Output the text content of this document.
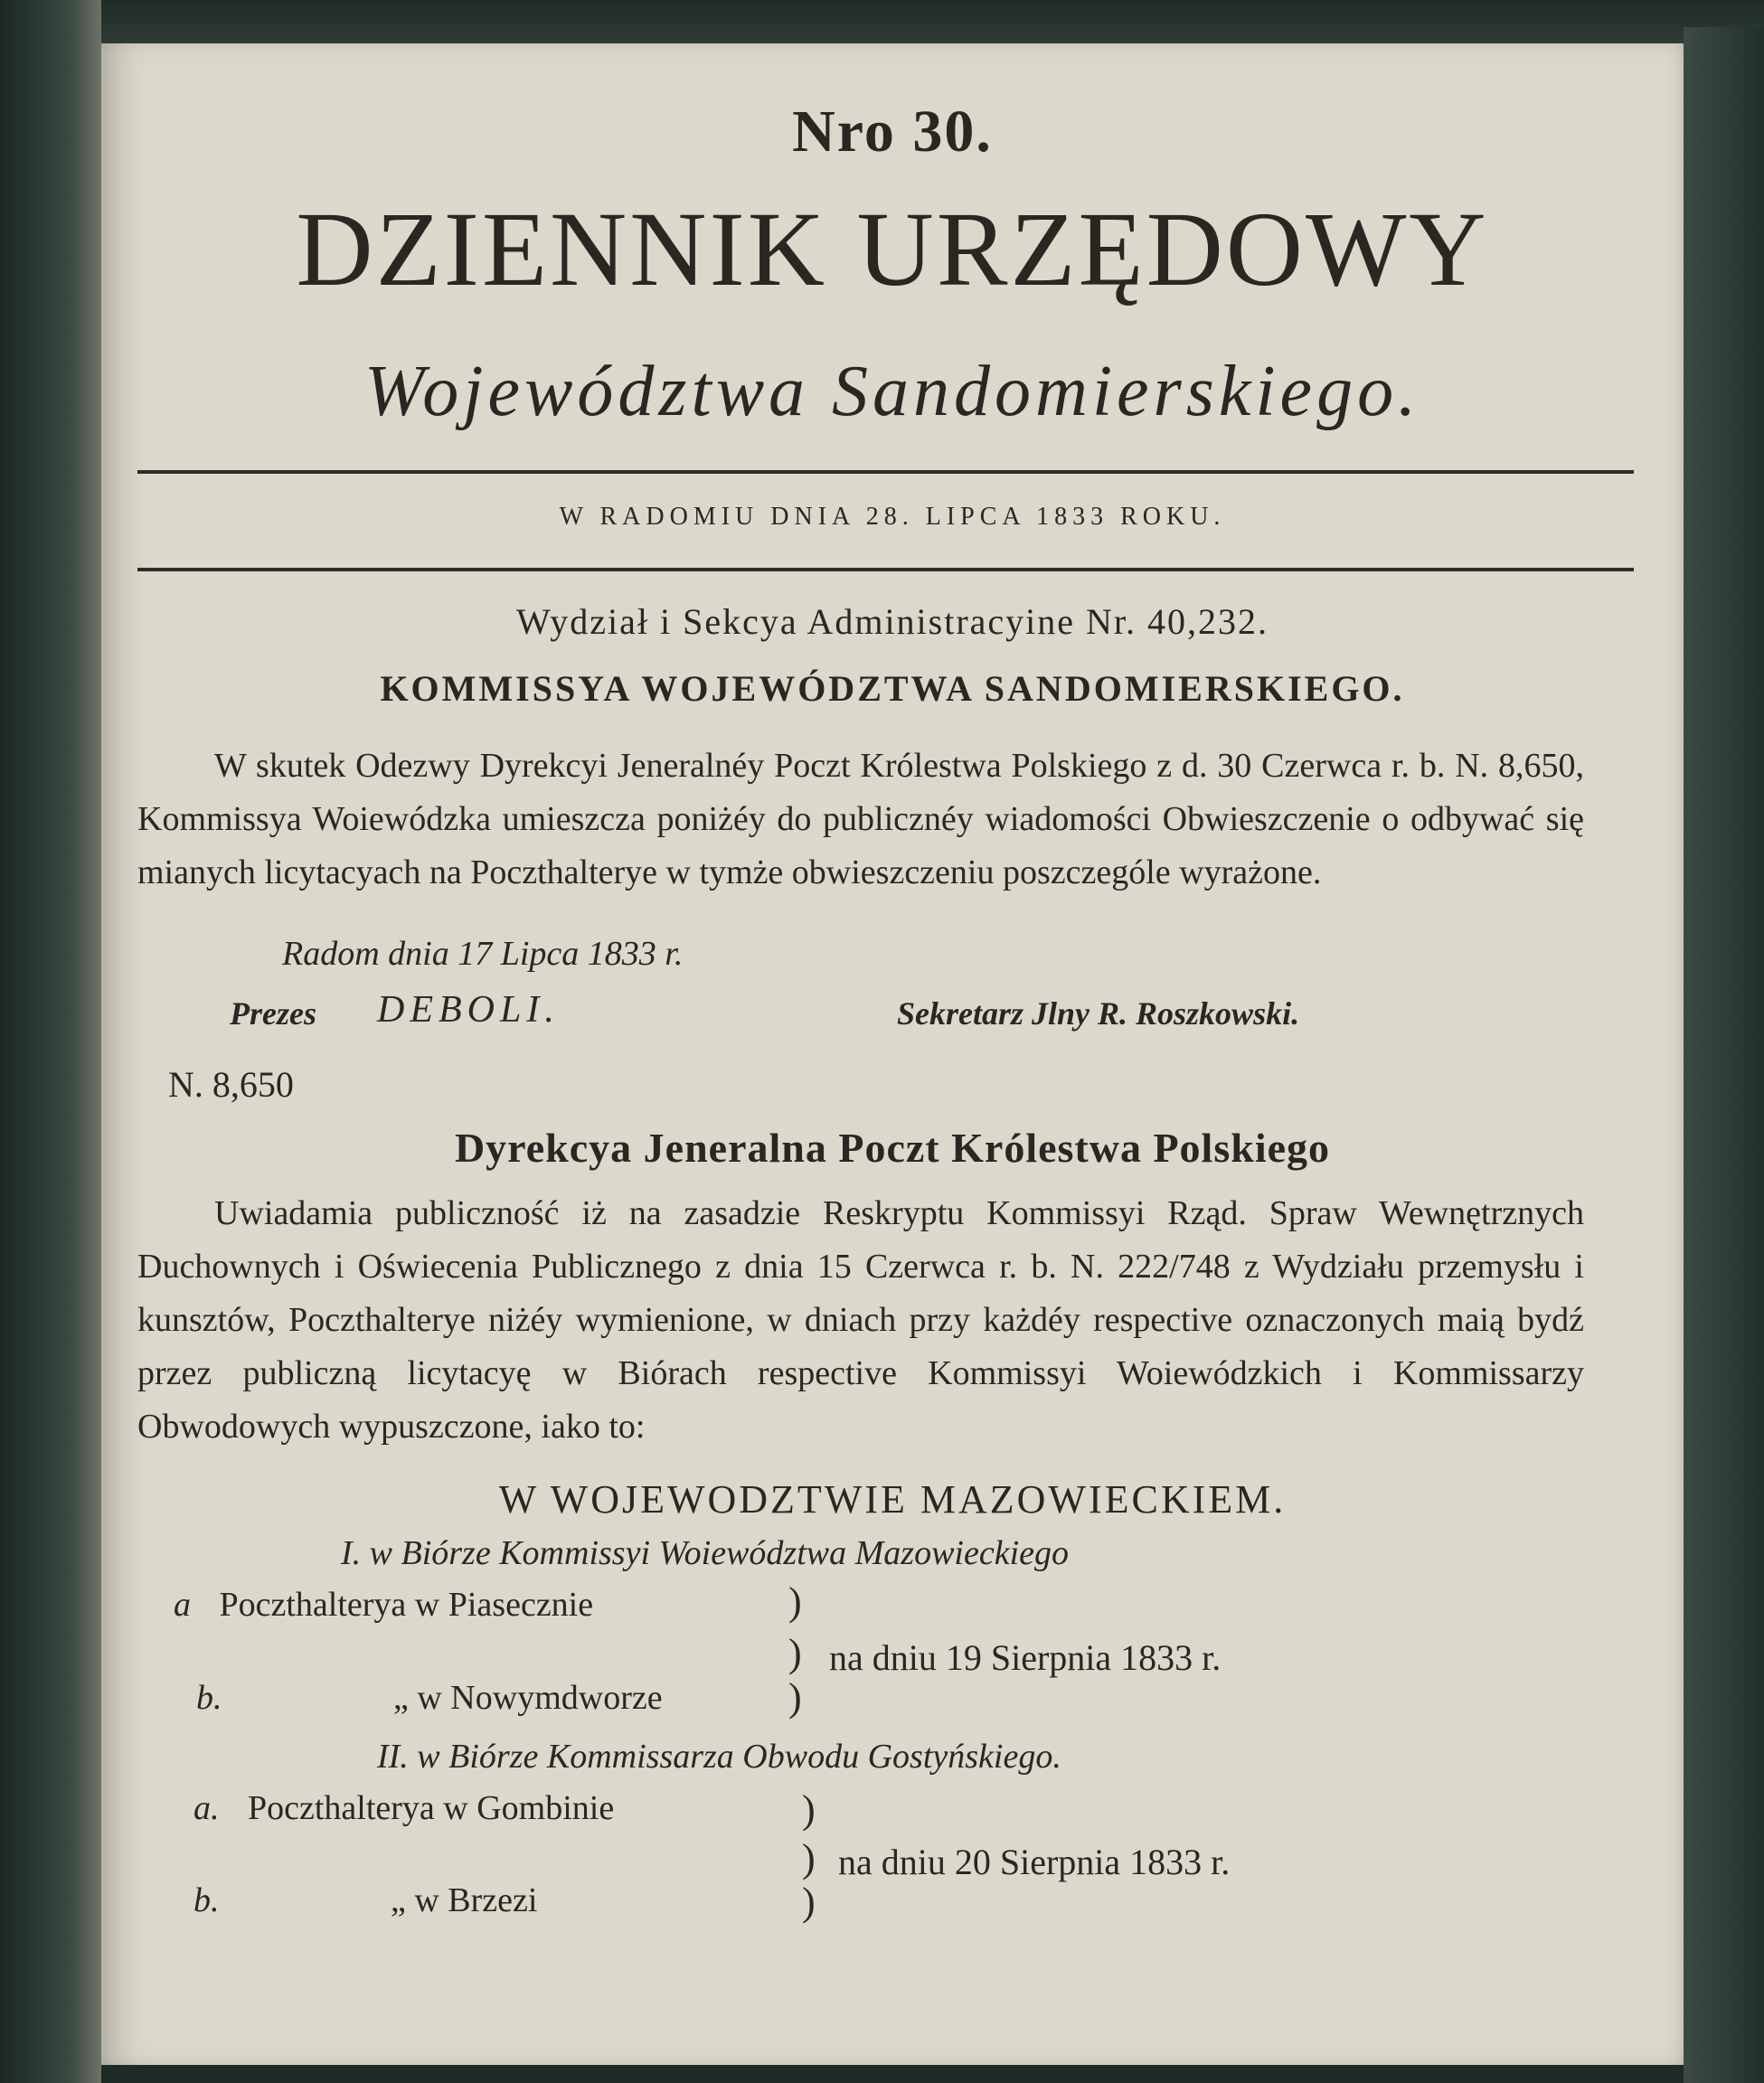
Nro 30.
DZIENNIK URZĘDOWY
Województwa Sandomierskiego.
W RADOMIU DNIA 28. LIPCA 1833 ROKU.
Wydział i Sekcya Administracyine Nr. 40,232.
KOMMISSYA WOJEWÓDZTWA SANDOMIERSKIEGO.
W skutek Odezwy Dyrekcyi Jeneralnéy Poczt Królestwa Polskiego z d. 30 Czerwca r. b. N. 8,650, Kommissya Woiewódzka umieszcza poniżéy do publicznéy wiadomości Obwieszczenie o odbywać się mianych licytacyach na Poczthalterye w tymże obwieszczeniu poszczególe wyrażone.
Radom dnia 17 Lipca 1833 r.
Prezes DEBOLI.	Sekretarz Jlny R. Roszkowski.
N. 8,650
Dyrekcya Jeneralna Poczt Królestwa Polskiego
Uwiadamia publiczność iż na zasadzie Reskryptu Kommissyi Rząd. Spraw Wewnętrznych Duchownych i Oświecenia Publicznego z dnia 15 Czerwca r. b. N. 222/748 z Wydziału przemysłu i kunsztów, Poczthalterye niżéy wymienione, w dniach przy każdéy respective oznaczonych maią bydź przez publiczną licytacyę w Biórach respective Kommissyi Woiewódzkich i Kommissarzy Obwodowych wypuszczone, iako to:
W WOJEWODZTWIE MAZOWIECKIEM.
I. w Biórze Kommissyi Woiewództwa Mazowieckiego
a Poczthalterya w Piasecznie	)
) na dniu 19 Sierpnia 1833 r.
b.	„ w Nowymdworze	)
II. w Biórze Kommissarza Obwodu Gostyńskiego.
a. Poczthalterya w Gombinie	)
) na dniu 20 Sierpnia 1833 r.
b.	„ w Brzezi	)
